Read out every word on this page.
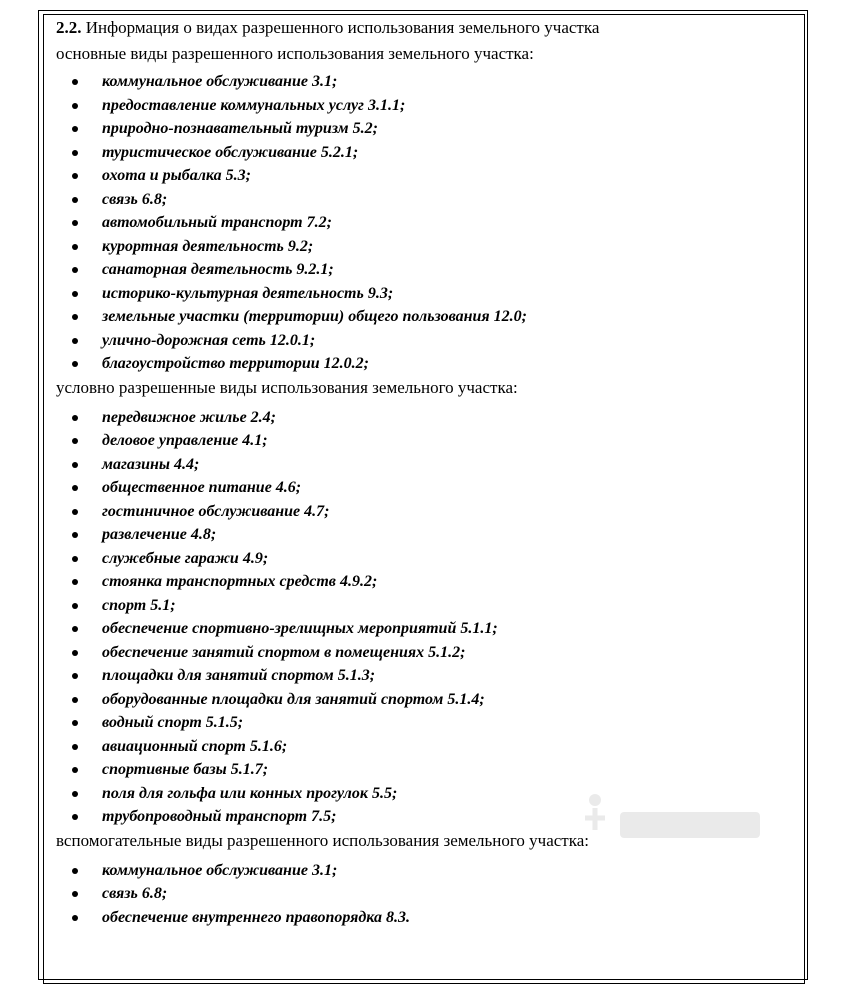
2.2. Информация о видах разрешенного использования земельного участка
основные виды разрешенного использования земельного участка:
коммунальное обслуживание 3.1;
предоставление коммунальных услуг 3.1.1;
природно-познавательный туризм 5.2;
туристическое обслуживание 5.2.1;
охота и рыбалка 5.3;
связь 6.8;
автомобильный транспорт 7.2;
курортная деятельность 9.2;
санаторная деятельность 9.2.1;
историко-культурная деятельность 9.3;
земельные участки (территории) общего пользования 12.0;
улично-дорожная сеть 12.0.1;
благоустройство территории 12.0.2;
условно разрешенные виды использования земельного участка:
передвижное жилье 2.4;
деловое управление 4.1;
магазины 4.4;
общественное питание 4.6;
гостиничное обслуживание 4.7;
развлечение 4.8;
служебные гаражи 4.9;
стоянка транспортных средств 4.9.2;
спорт 5.1;
обеспечение спортивно-зрелищных мероприятий 5.1.1;
обеспечение занятий спортом в помещениях 5.1.2;
площадки для занятий спортом 5.1.3;
оборудованные площадки для занятий спортом 5.1.4;
водный спорт 5.1.5;
авиационный спорт 5.1.6;
спортивные базы 5.1.7;
поля для гольфа или конных прогулок 5.5;
трубопроводный транспорт 7.5;
вспомогательные виды разрешенного использования земельного участка:
коммунальное обслуживание 3.1;
связь 6.8;
обеспечение внутреннего правопорядка 8.3.
